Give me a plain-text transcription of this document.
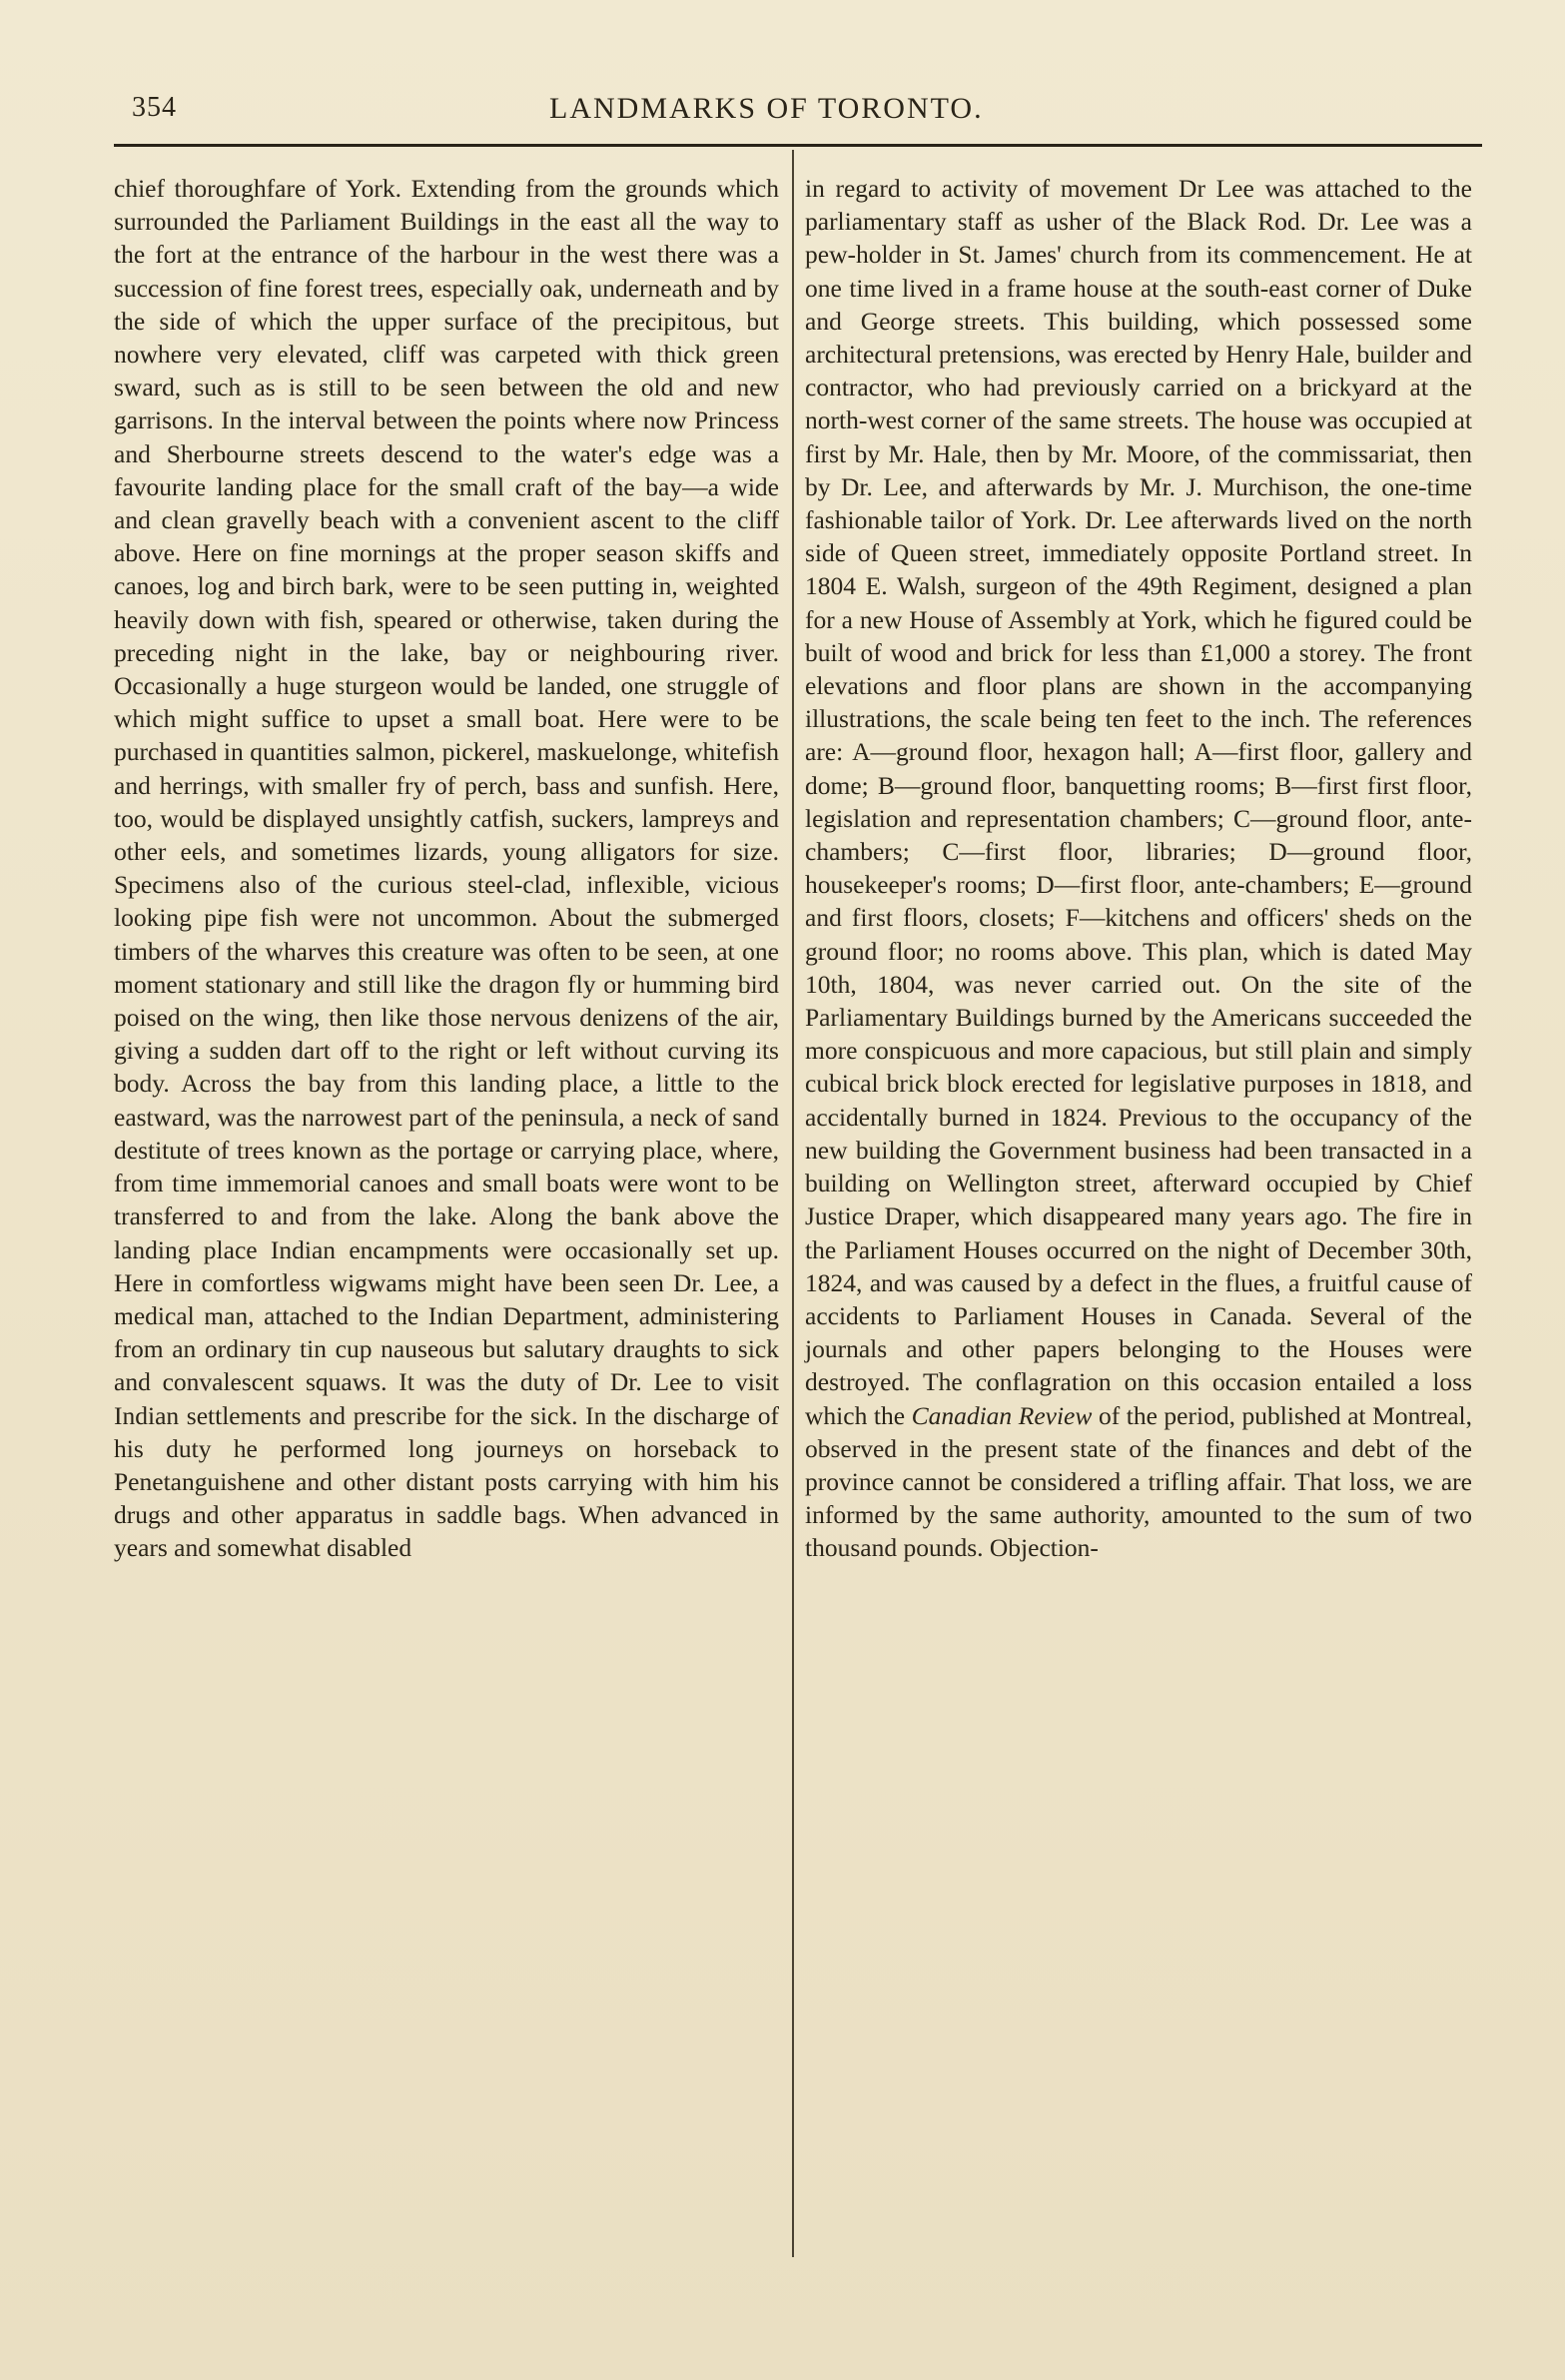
354	LANDMARKS OF TORONTO.

chief thoroughfare of York. Extending from the grounds which surrounded the Parliament Buildings in the east all the way to the fort at the entrance of the harbour in the west there was a succession of fine forest trees, especially oak, underneath and by the side of which the upper surface of the precipitous, but nowhere very elevated, cliff was carpeted with thick green sward, such as is still to be seen between the old and new garrisons. In the interval between the points where now Princess and Sherbourne streets descend to the water's edge was a favourite landing place for the small craft of the bay—a wide and clean gravelly beach with a convenient ascent to the cliff above. Here on fine mornings at the proper season skiffs and canoes, log and birch bark, were to be seen putting in, weighted heavily down with fish, speared or otherwise, taken during the preceding night in the lake, bay or neighbouring river. Occasionally a huge sturgeon would be landed, one struggle of which might suffice to upset a small boat. Here were to be purchased in quantities salmon, pickerel, maskuelonge, whitefish and herrings, with smaller fry of perch, bass and sunfish. Here, too, would be displayed unsightly catfish, suckers, lampreys and other eels, and sometimes lizards, young alligators for size. Specimens also of the curious steel-clad, inflexible, vicious looking pipe fish were not uncommon. About the submerged timbers of the wharves this creature was often to be seen, at one moment stationary and still like the dragon fly or humming bird poised on the wing, then like those nervous denizens of the air, giving a sudden dart off to the right or left without curving its body. Across the bay from this landing place, a little to the eastward, was the narrowest part of the peninsula, a neck of sand destitute of trees known as the portage or carrying place, where, from time immemorial canoes and small boats were wont to be transferred to and from the lake. Along the bank above the landing place Indian encampments were occasionally set up. Here in comfortless wigwams might have been seen Dr. Lee, a medical man, attached to the Indian Department, administering from an ordinary tin cup nauseous but salutary draughts to sick and convalescent squaws. It was the duty of Dr. Lee to visit Indian settlements and prescribe for the sick. In the discharge of his duty he performed long journeys on horseback to Penetanguishene and other distant posts carrying with him his drugs and other apparatus in saddle bags. When advanced in years and somewhat disabled

in regard to activity of movement Dr Lee was attached to the parliamentary staff as usher of the Black Rod. Dr. Lee was a pew-holder in St. James' church from its commencement. He at one time lived in a frame house at the south-east corner of Duke and George streets. This building, which possessed some architectural pretensions, was erected by Henry Hale, builder and contractor, who had previously carried on a brickyard at the north-west corner of the same streets. The house was occupied at first by Mr. Hale, then by Mr. Moore, of the commissariat, then by Dr. Lee, and afterwards by Mr. J. Murchison, the one-time fashionable tailor of York. Dr. Lee afterwards lived on the north side of Queen street, immediately opposite Portland street. In 1804 E. Walsh, surgeon of the 49th Regiment, designed a plan for a new House of Assembly at York, which he figured could be built of wood and brick for less than £1,000 a storey. The front elevations and floor plans are shown in the accompanying illustrations, the scale being ten feet to the inch. The references are: A—ground floor, hexagon hall; A—first floor, gallery and dome; B—ground floor, banquetting rooms; B—first first floor, legislation and representation chambers; C—ground floor, ante-chambers; C—first floor, libraries; D—ground floor, housekeeper's rooms; D—first floor, ante-chambers; E—ground and first floors, closets; F—kitchens and officers' sheds on the ground floor; no rooms above. This plan, which is dated May 10th, 1804, was never carried out. On the site of the Parliamentary Buildings burned by the Americans succeeded the more conspicuous and more capacious, but still plain and simply cubical brick block erected for legislative purposes in 1818, and accidentally burned in 1824. Previous to the occupancy of the new building the Government business had been transacted in a building on Wellington street, afterward occupied by Chief Justice Draper, which disappeared many years ago. The fire in the Parliament Houses occurred on the night of December 30th, 1824, and was caused by a defect in the flues, a fruitful cause of accidents to Parliament Houses in Canada. Several of the journals and other papers belonging to the Houses were destroyed. The conflagration on this occasion entailed a loss which the Canadian Review of the period, published at Montreal, observed in the present state of the finances and debt of the province cannot be considered a trifling affair. That loss, we are informed by the same authority, amounted to the sum of two thousand pounds. Objection-
